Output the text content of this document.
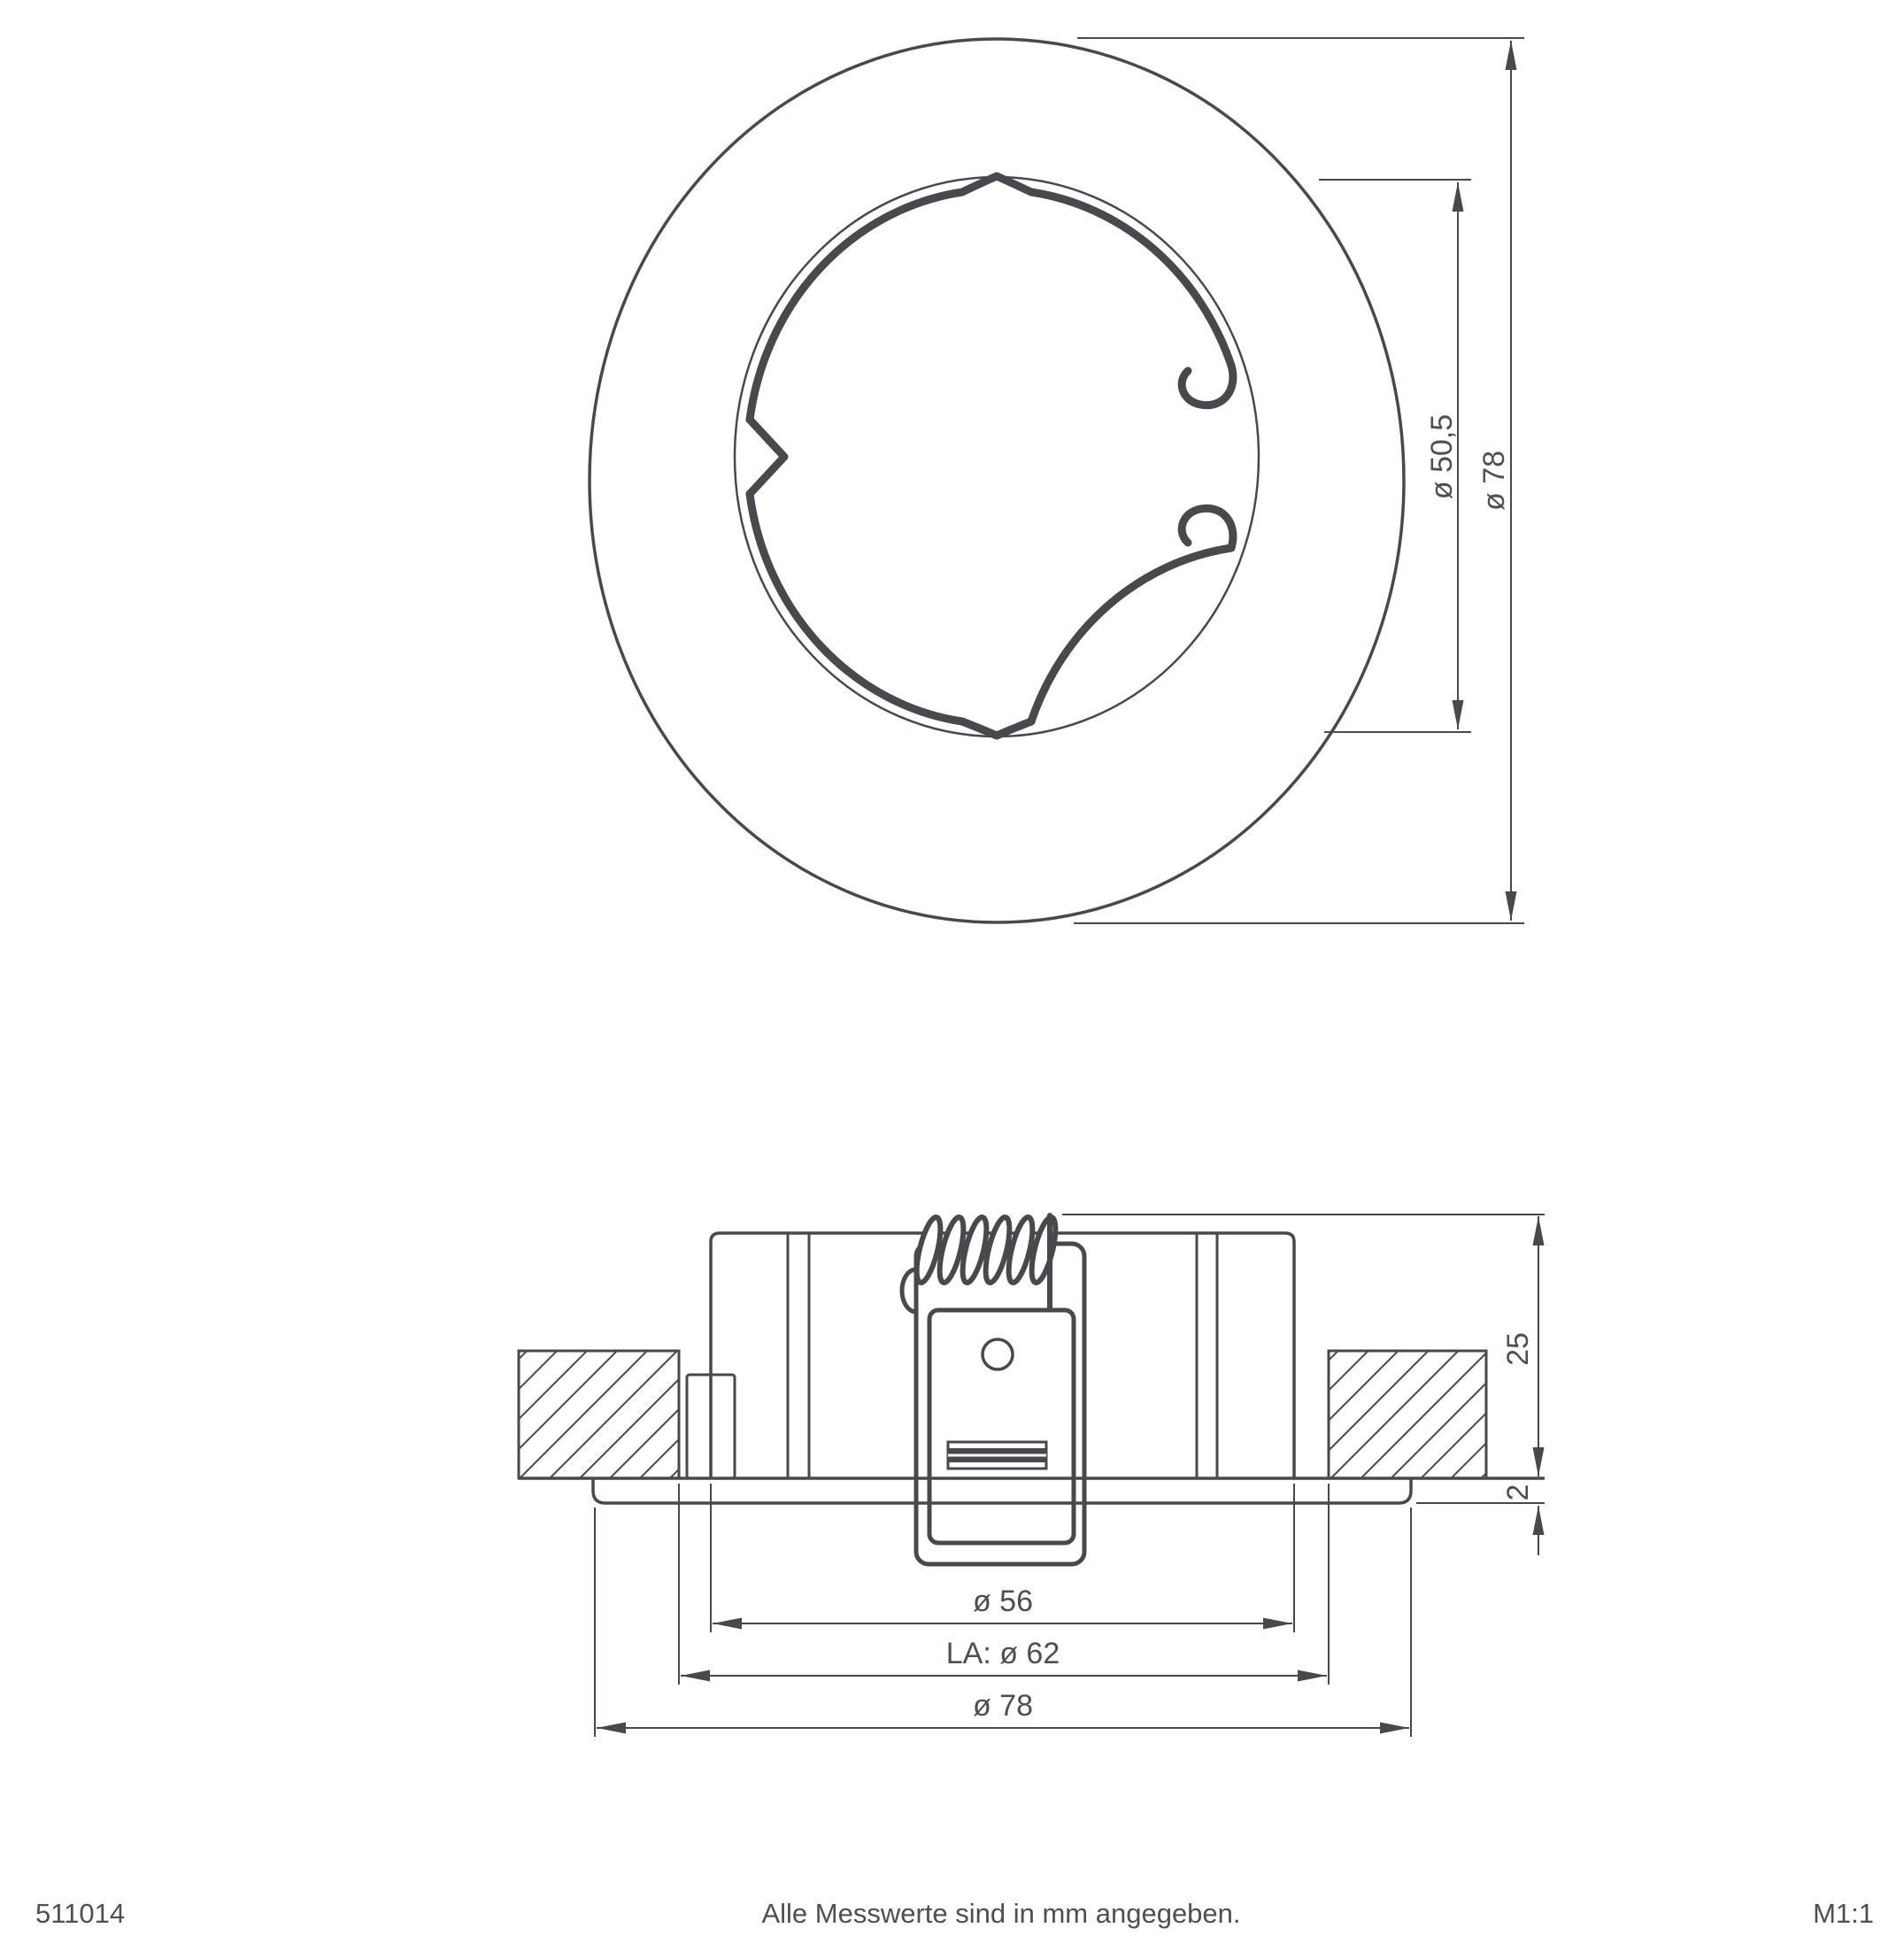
ø 50,5 ø 78
25
2
ø 56
LA: ø 62
ø 78
511014	Alle Messwerte sind in mm angegeben.	M1:1
